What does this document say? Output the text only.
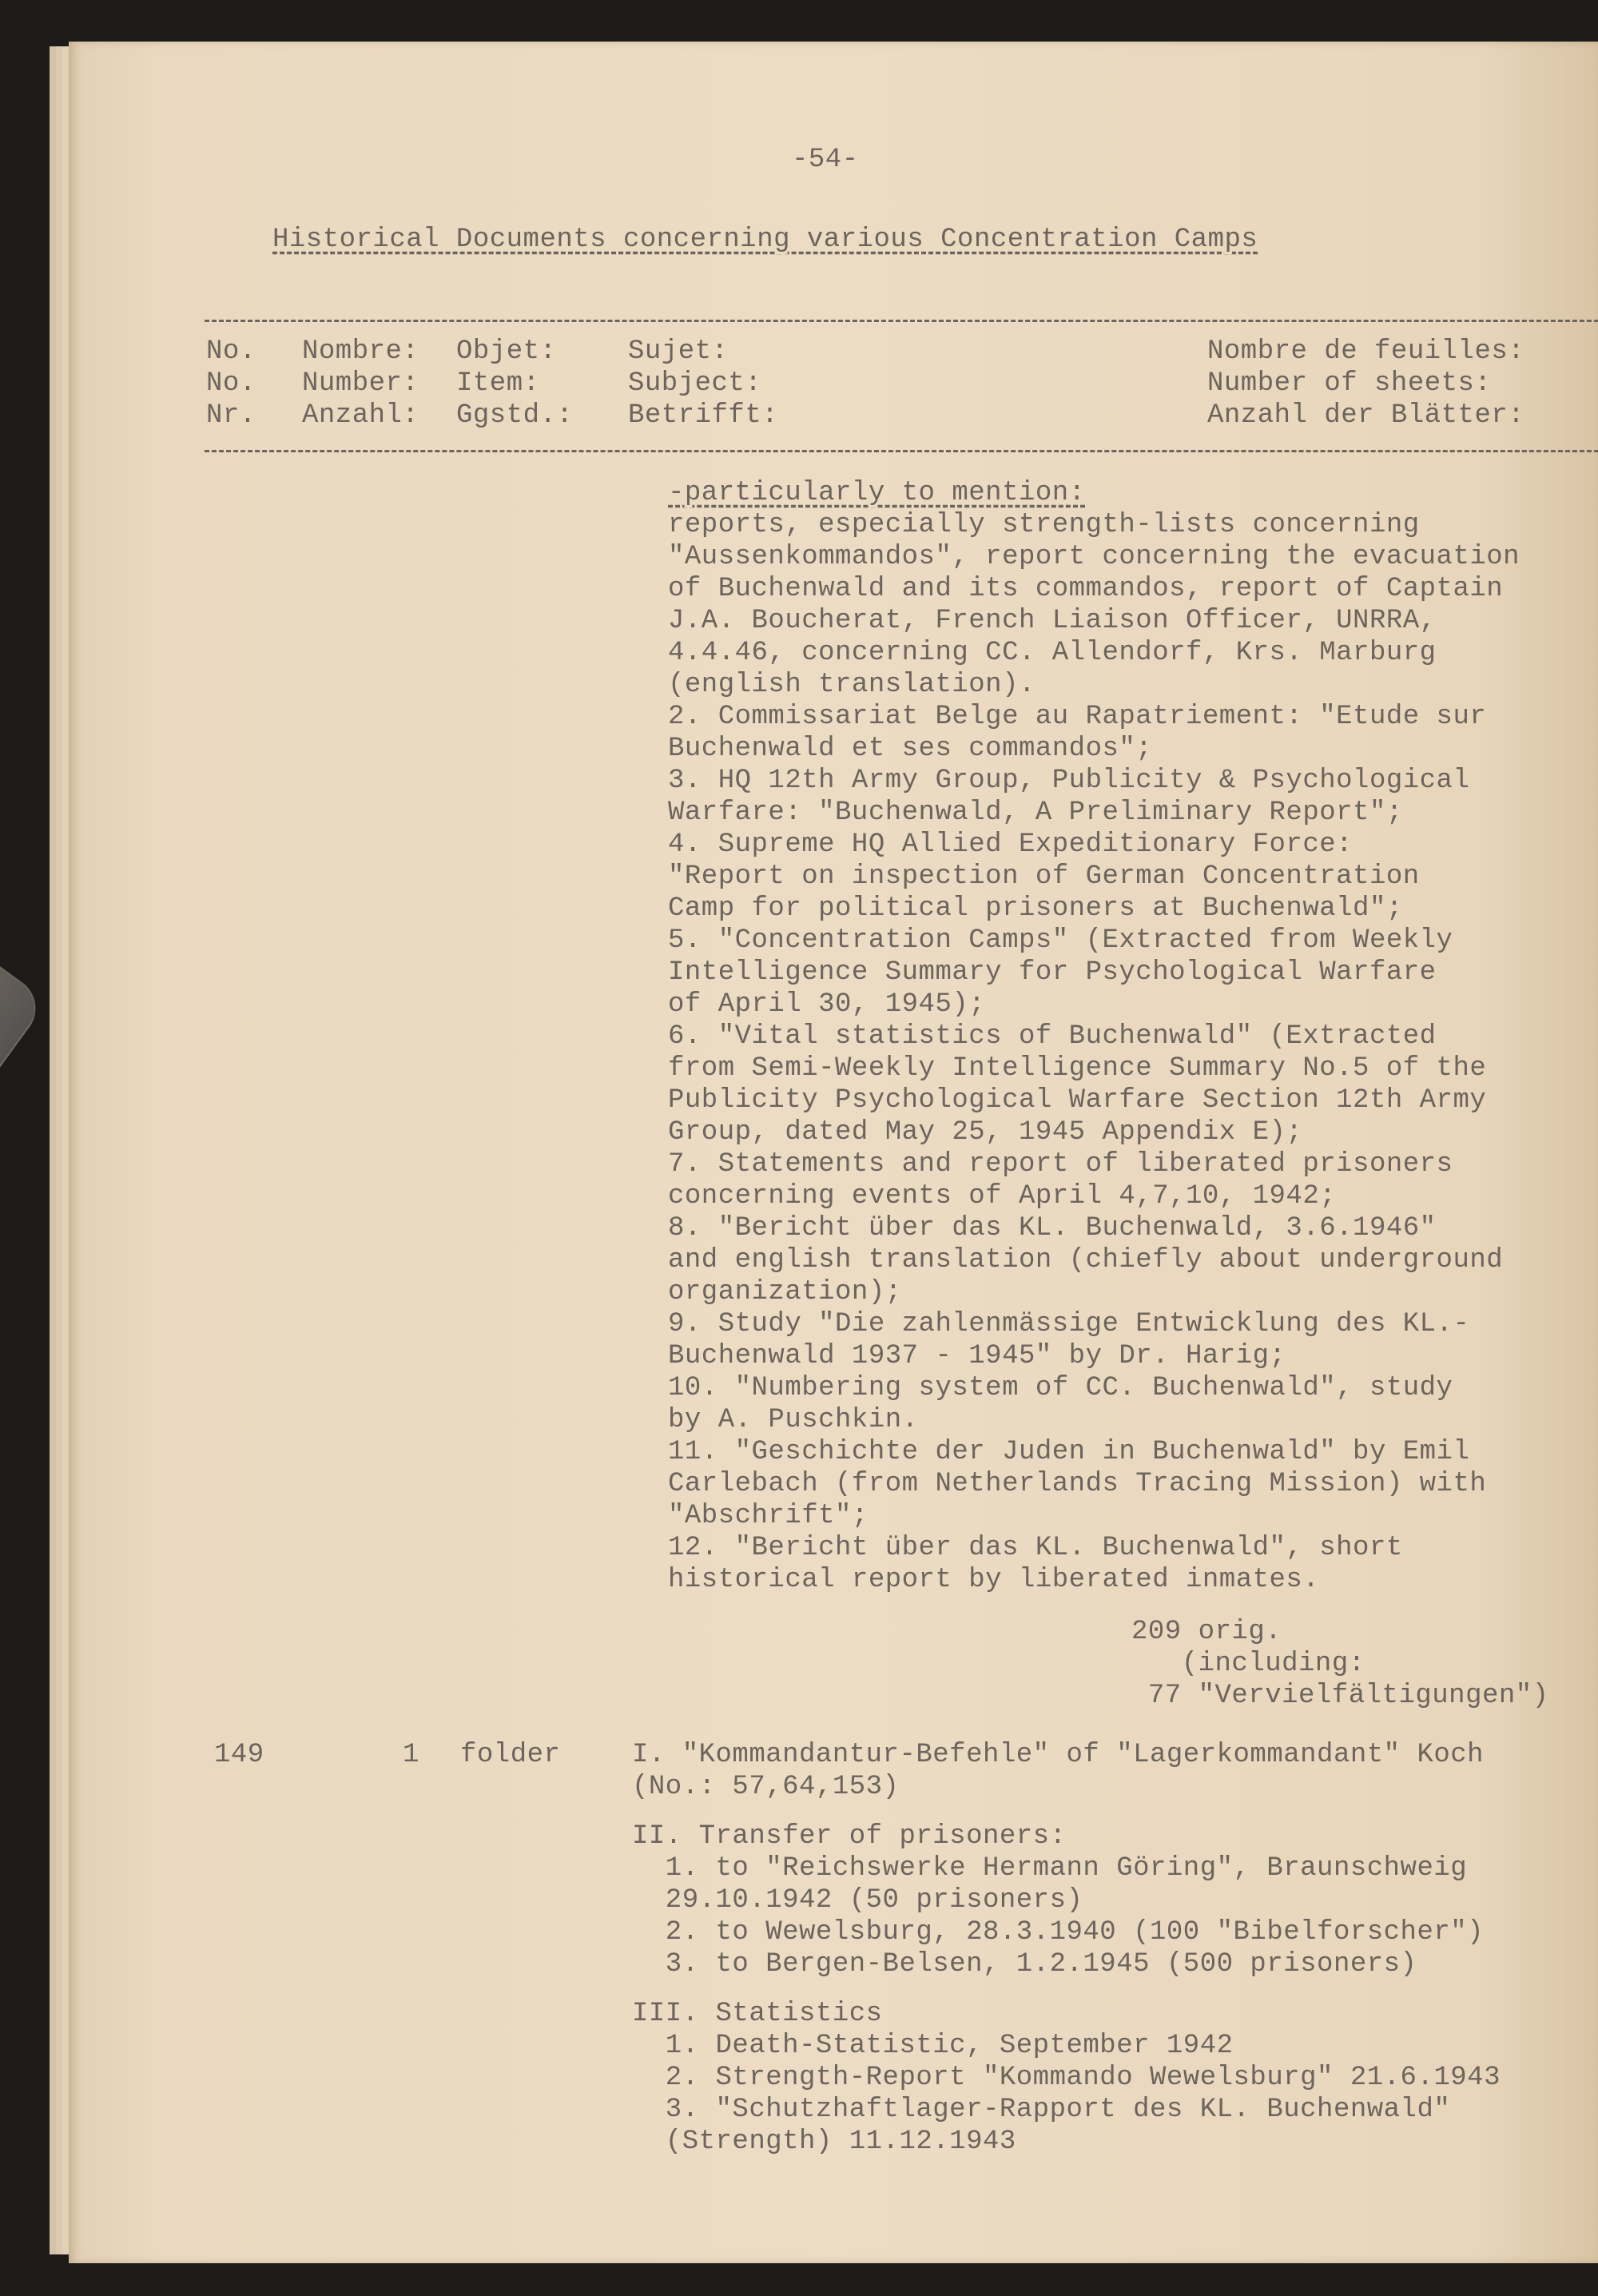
-54-
Historical Documents concerning various Concentration Camps
No.
No.
Nr.
Nombre:
Number:
Anzahl:
Objet:
Item:
Ggstd.:
Sujet:
Subject:
Betrifft:
Nombre de feuilles:
Number of sheets:
Anzahl der Blätter:
-particularly to mention:
reports, especially strength-lists concerning
"Aussenkommandos", report concerning the evacuation
of Buchenwald and its commandos, report of Captain
J.A. Boucherat, French Liaison Officer, UNRRA,
4.4.46, concerning CC. Allendorf, Krs. Marburg
(english translation).
2. Commissariat Belge au Rapatriement: "Etude sur
Buchenwald et ses commandos";
3. HQ 12th Army Group, Publicity & Psychological
Warfare: "Buchenwald, A Preliminary Report";
4. Supreme HQ Allied Expeditionary Force:
"Report on inspection of German Concentration
Camp for political prisoners at Buchenwald";
5. "Concentration Camps" (Extracted from Weekly
Intelligence Summary for Psychological Warfare
of April 30, 1945);
6. "Vital statistics of Buchenwald" (Extracted
from Semi-Weekly Intelligence Summary No.5 of the
Publicity Psychological Warfare Section 12th Army
Group, dated May 25, 1945 Appendix E);
7. Statements and report of liberated prisoners
concerning events of April 4,7,10, 1942;
8. "Bericht über das KL. Buchenwald, 3.6.1946"
and english translation (chiefly about underground
organization);
9. Study "Die zahlenmässige Entwicklung des KL.-
Buchenwald 1937 - 1945" by Dr. Harig;
10. "Numbering system of CC. Buchenwald", study
by A. Puschkin.
11. "Geschichte der Juden in Buchenwald" by Emil
Carlebach (from Netherlands Tracing Mission) with
"Abschrift";
12. "Bericht über das KL. Buchenwald", short
historical report by liberated inmates.
209 orig.
(including:
77 "Vervielfältigungen")
149	1 folder	I. "Kommandantur-Befehle" of "Lagerkommandant" Koch
(No.: 57,64,153)
II. Transfer of prisoners:
1. to "Reichswerke Hermann Göring", Braunschweig
29.10.1942 (50 prisoners)
2. to Wewelsburg, 28.3.1940 (100 "Bibelforscher")
3. to Bergen-Belsen, 1.2.1945 (500 prisoners)
III. Statistics
1. Death-Statistic, September 1942
2. Strength-Report "Kommando Wewelsburg" 21.6.1943
3. "Schutzhaftlager-Rapport des KL. Buchenwald"
(Strength) 11.12.1943
